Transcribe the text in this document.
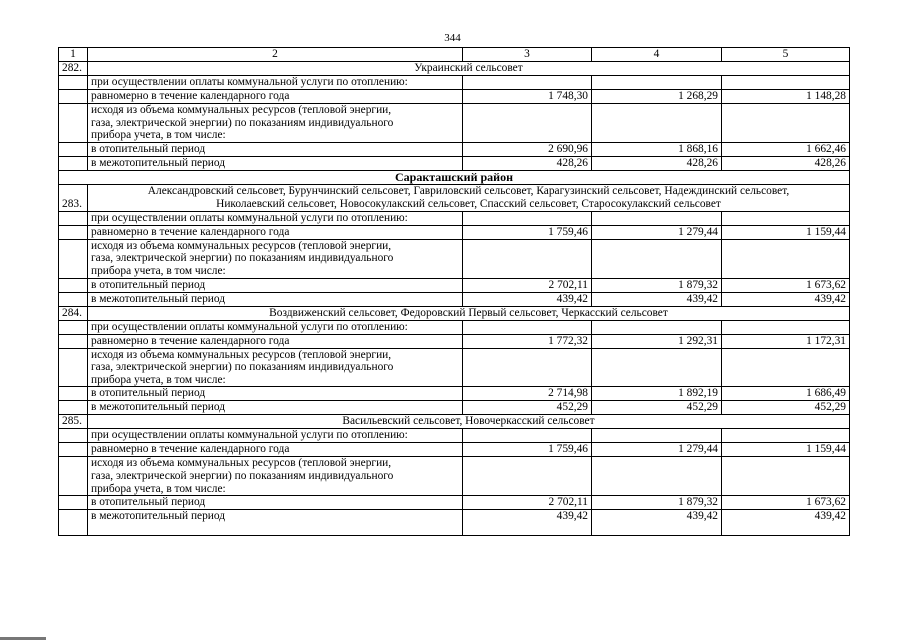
344
1	2	3	4	5
282.	Украинский сельсовет			
	при осуществлении оплаты коммунальной услуги по отоплению:			
	равномерно в течение календарного года	1 748,30	1 268,29	1 148,28

	исходя из объема коммунальных ресурсов (тепловой энергии,
газа, электрической энергии) по показаниям индивидуального
прибора учета, в том числе:			

	в отопительный период	2 690,96	1 868,16	1 662,46
	в межотопительный период	428,26	428,26	428,26
Саракташский район				
283.	Александровский сельсовет, Бурунчинский сельсовет, Гавриловский сельсовет, Карагузинский сельсовет, Надеждинский сельсовет,
Николаевский сельсовет, Новосокулакский сельсовет, Спасский сельсовет, Старосокулакский сельсовет			

	при осуществлении оплаты коммунальной услуги по отоплению:			
	равномерно в течение календарного года	1 759,46	1 279,44	1 159,44

	исходя из объема коммунальных ресурсов (тепловой энергии,
газа, электрической энергии) по показаниям индивидуального
прибора учета, в том числе:			

	в отопительный период	2 702,11	1 879,32	1 673,62
	в межотопительный период	439,42	439,42	439,42
284.	Воздвиженский сельсовет, Федоровский Первый сельсовет, Черкасский сельсовет			
	при осуществлении оплаты коммунальной услуги по отоплению:			
	равномерно в течение календарного года	1 772,32	1 292,31	1 172,31

	исходя из объема коммунальных ресурсов (тепловой энергии,
газа, электрической энергии) по показаниям индивидуального
прибора учета, в том числе:			

	в отопительный период	2 714,98	1 892,19	1 686,49
	в межотопительный период	452,29	452,29	452,29
285.	Васильевский сельсовет, Новочеркасский сельсовет			
	при осуществлении оплаты коммунальной услуги по отоплению:			
	равномерно в течение календарного года	1 759,46	1 279,44	1 159,44

	исходя из объема коммунальных ресурсов (тепловой энергии,
газа, электрической энергии) по показаниям индивидуального
прибора учета, в том числе:			

	в отопительный период	2 702,11	1 879,32	1 673,62
	в межотопительный период	439,42	439,42	439,42
